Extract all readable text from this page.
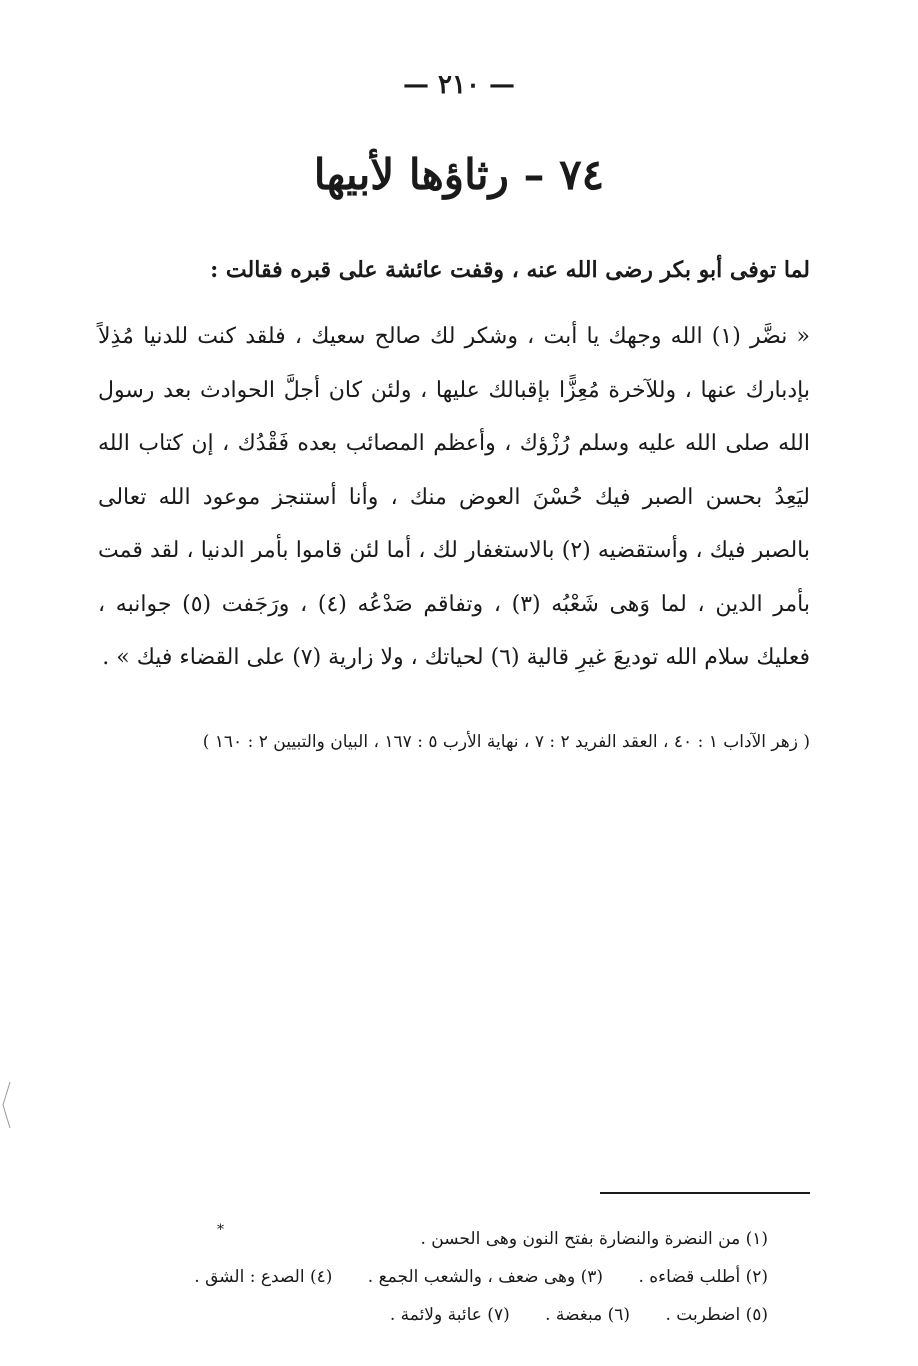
— ٢١٠ —
٧٤ – رثاؤها لأبيها
لما توفى أبو بكر رضى الله عنه ، وقفت عائشة على قبره فقالت :

« نضَّر (١) الله وجهك يا أبت ، وشكر لك صالح سعيك ، فلقد كنت للدنيا مُذِلاً بإدبارك عنها ، وللآخرة مُعِزًّا بإقبالك عليها ، ولئن كان أجلَّ الحوادث بعد رسول الله صلى الله عليه وسلم رُزْؤك ، وأعظم المصائب بعده فَقْدُك ، إن كتاب الله ليَعِدُ بحسن الصبر فيك حُسْنَ العوض منك ، وأنا أستنجز موعود الله تعالى بالصبر فيك ، وأستقضيه (٢) بالاستغفار لك ، أما لئن قاموا بأمر الدنيا ، لقد قمت بأمر الدين ، لما وَهى شَعْبُه (٣) ، وتفاقم صَدْعُه (٤) ، ورَجَفت (٥) جوانبه ، فعليك سلام الله توديعَ غيرِ قالية (٦) لحياتك ، ولا زارية (٧) على القضاء فيك » .

( زهر الآداب ١ : ٤٠ ، العقد الفريد ٢ : ٧ ، نهاية الأرب ٥ : ١٦٧ ، البيان والتبيين ٢ : ١٦٠ )
*	(١) من النضرة والنضارة بفتح النون وهى الحسن .
(٢) أطلب قضاءه . (٣) وهى ضعف ، والشعب الجمع . (٤) الصدع : الشق .
(٥) اضطربت . (٦) مبغضة . (٧) عائبة ولائمة .
